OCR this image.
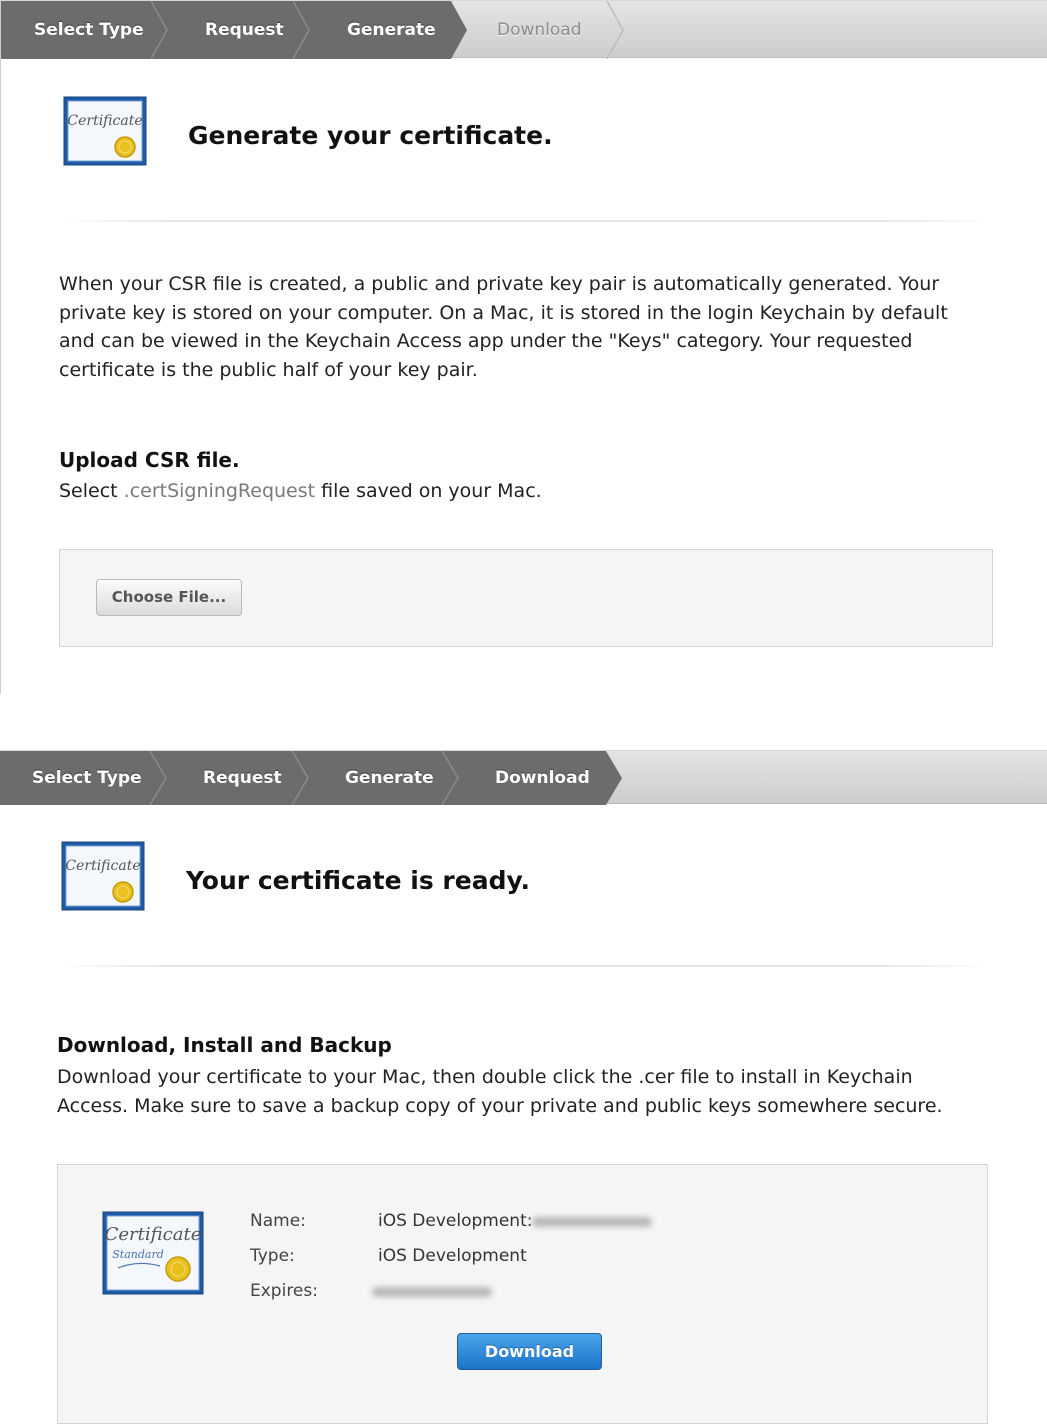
Select Type	Request	Generate	Download
Certificate Generate your certificate.
When your CSR file is created, a public and private key pair is automatically generated. Your private key is stored on your computer. On a Mac, it is stored in the login Keychain by default and can be viewed in the Keychain Access app under the "Keys" category. Your requested certificate is the public half of your key pair.
Upload CSR file.
Select .certSigningRequest file saved on your Mac.
Choose File...
Select Type	Request	Generate	Download
Certificate Your certificate is ready.
Download, Install and Backup
Download your certificate to your Mac, then double click the .cer file to install in Keychain Access. Make sure to save a backup copy of your private and public keys somewhere secure.
Certificate
Standard
Name:	iOS Development:
Type:	iOS Development
Expires:
Download
